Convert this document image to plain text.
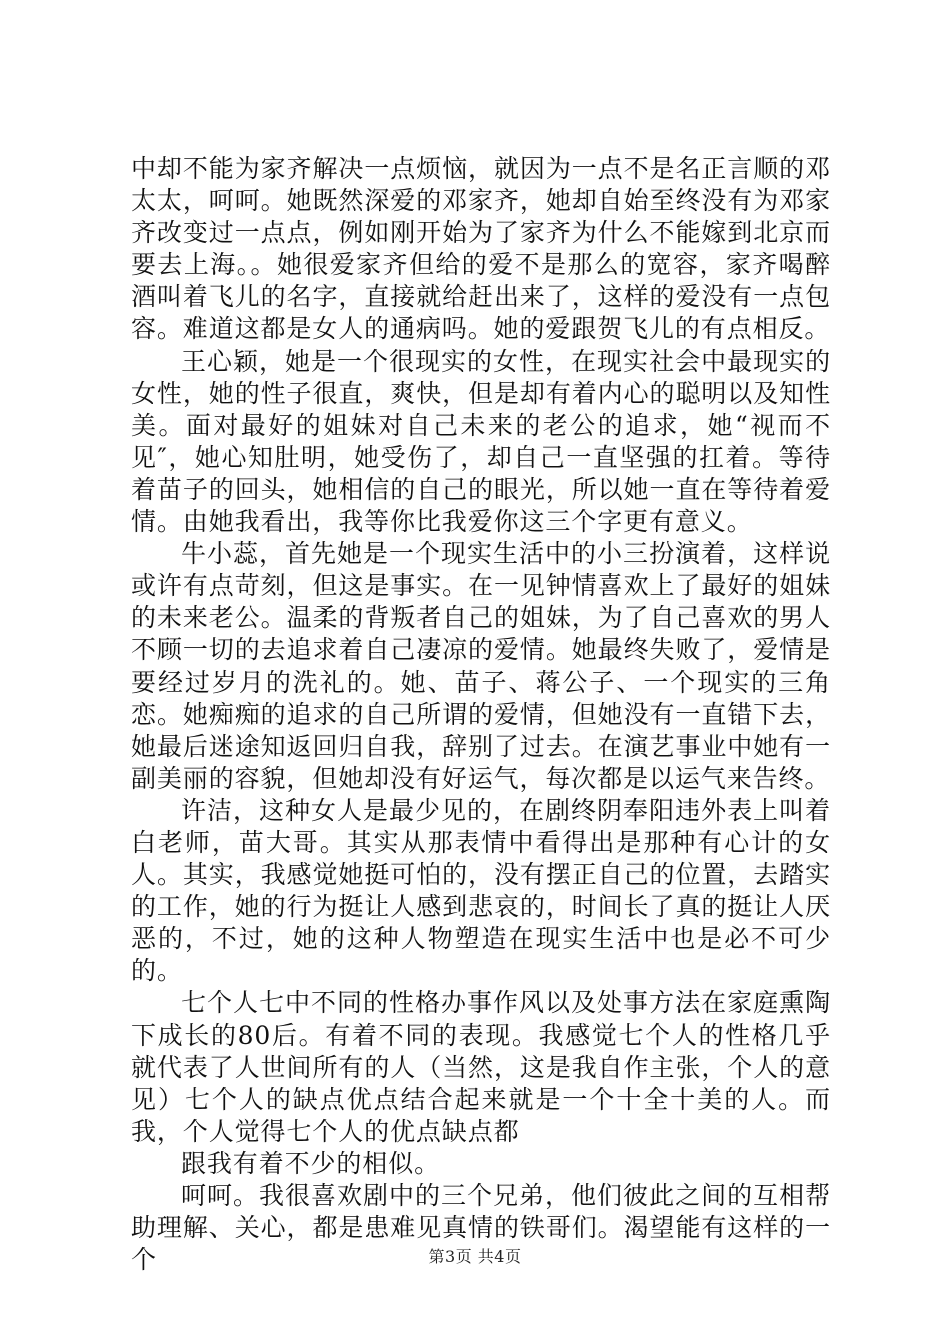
中却不能为家齐解决一点烦恼，就因为一点不是名正言顺的邓太太，呵呵。她既然深爱的邓家齐，她却自始至终没有为邓家齐改变过一点点，例如刚开始为了家齐为什么不能嫁到北京而要去上海。。她很爱家齐但给的爱不是那么的宽容，家齐喝醉酒叫着飞儿的名字，直接就给赶出来了，这样的爱没有一点包容。难道这都是女人的通病吗。她的爱跟贺飞儿的有点相反。

王心颖，她是一个很现实的女性，在现实社会中最现实的女性，她的性子很直，爽快，但是却有着内心的聪明以及知性美。面对最好的姐妹对自己未来的老公的追求，她“视而不见″，她心知肚明，她受伤了，却自己一直坚强的扛着。等待着苗子的回头，她相信的自己的眼光，所以她一直在等待着爱情。由她我看出，我等你比我爱你这三个字更有意义。

牛小蕊，首先她是一个现实生活中的小三扮演着，这样说或许有点苛刻，但这是事实。在一见钟情喜欢上了最好的姐妹的未来老公。温柔的背叛者自己的姐妹，为了自己喜欢的男人不顾一切的去追求着自己凄凉的爱情。她最终失败了，爱情是要经过岁月的洗礼的。她、苗子、蒋公子、一个现实的三角恋。她痴痴的追求的自己所谓的爱情，但她没有一直错下去，她最后迷途知返回归自我，辞别了过去。在演艺事业中她有一副美丽的容貌，但她却没有好运气，每次都是以运气来告终。

许洁，这种女人是最少见的，在剧终阴奉阳违外表上叫着白老师，苗大哥。其实从那表情中看得出是那种有心计的女人。其实，我感觉她挺可怕的，没有摆正自己的位置，去踏实的工作，她的行为挺让人感到悲哀的，时间长了真的挺让人厌恶的，不过，她的这种人物塑造在现实生活中也是必不可少的。

七个人七中不同的性格办事作风以及处事方法在家庭熏陶下成长的80后。有着不同的表现。我感觉七个人的性格几乎就代表了人世间所有的人（当然，这是我自作主张，个人的意见）七个人的缺点优点结合起来就是一个十全十美的人。而我，个人觉得七个人的优点缺点都

跟我有着不少的相似。

呵呵。我很喜欢剧中的三个兄弟，他们彼此之间的互相帮助理解、关心，都是患难见真情的铁哥们。渴望能有这样的一个	第3页 共4页
